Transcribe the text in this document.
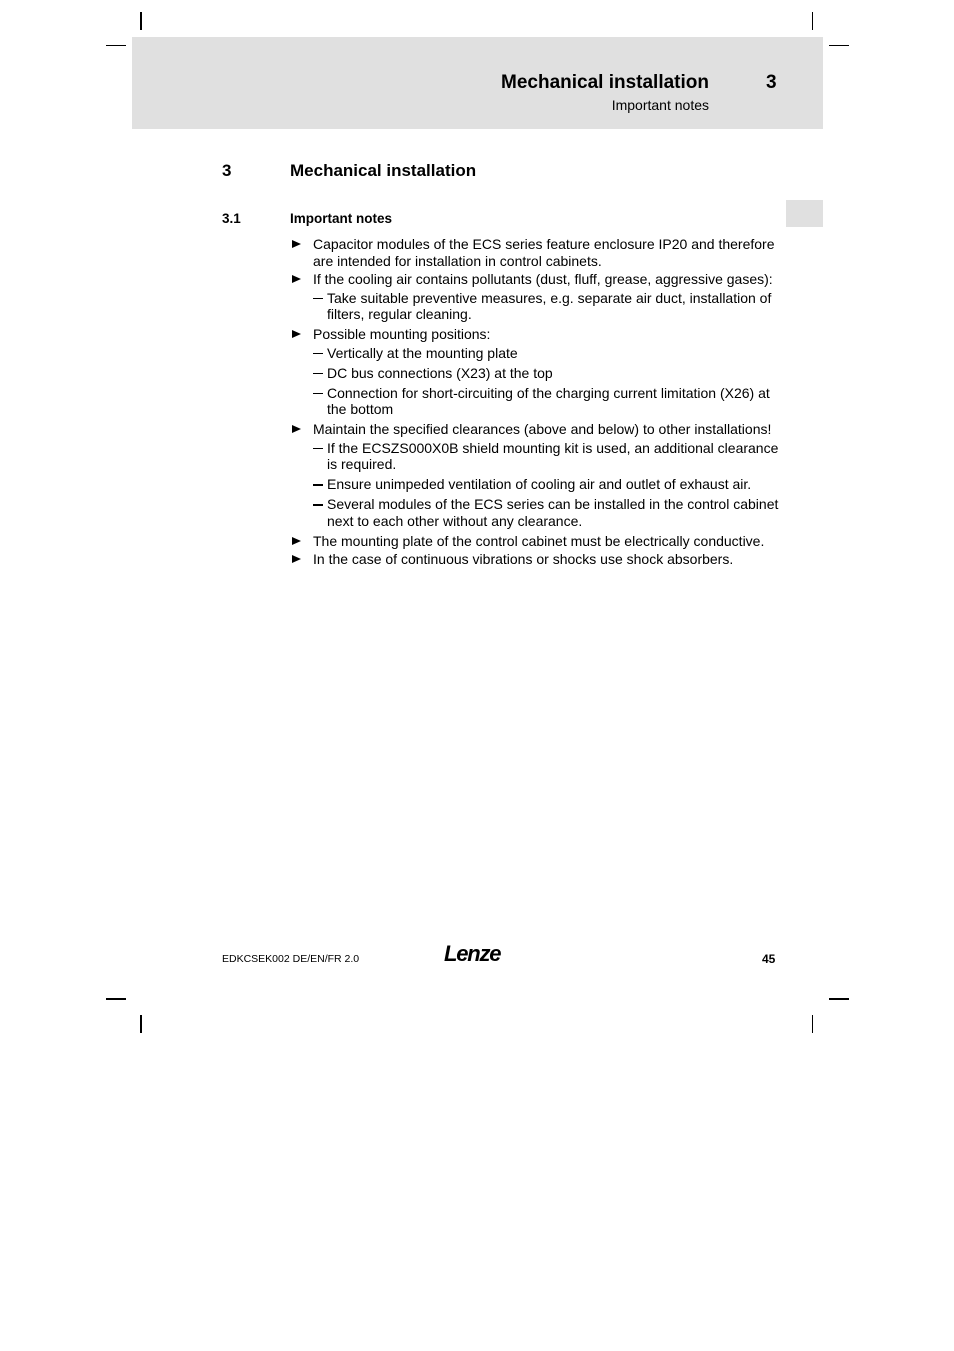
Mechanical installation	3
Important notes
3	Mechanical installation
3.1	Important notes
Capacitor modules of the ECS series feature enclosure IP20 and therefore are intended for installation in control cabinets.
If the cooling air contains pollutants (dust, fluff, grease, aggressive gases):
Take suitable preventive measures, e.g. separate air duct, installation of filters, regular cleaning.
Possible mounting positions:
Vertically at the mounting plate
DC bus connections (X23) at the top
Connection for short-circuiting of the charging current limitation (X26) at the bottom
Maintain the specified clearances (above and below) to other installations!
If the ECSZS000X0B shield mounting kit is used, an additional clearance is required.
Ensure unimpeded ventilation of cooling air and outlet of exhaust air.
Several modules of the ECS series can be installed in the control cabinet next to each other without any clearance.
The mounting plate of the control cabinet must be electrically conductive.
In the case of continuous vibrations or shocks use shock absorbers.
EDKCSEK002 DE/EN/FR 2.0	Lenze	45
